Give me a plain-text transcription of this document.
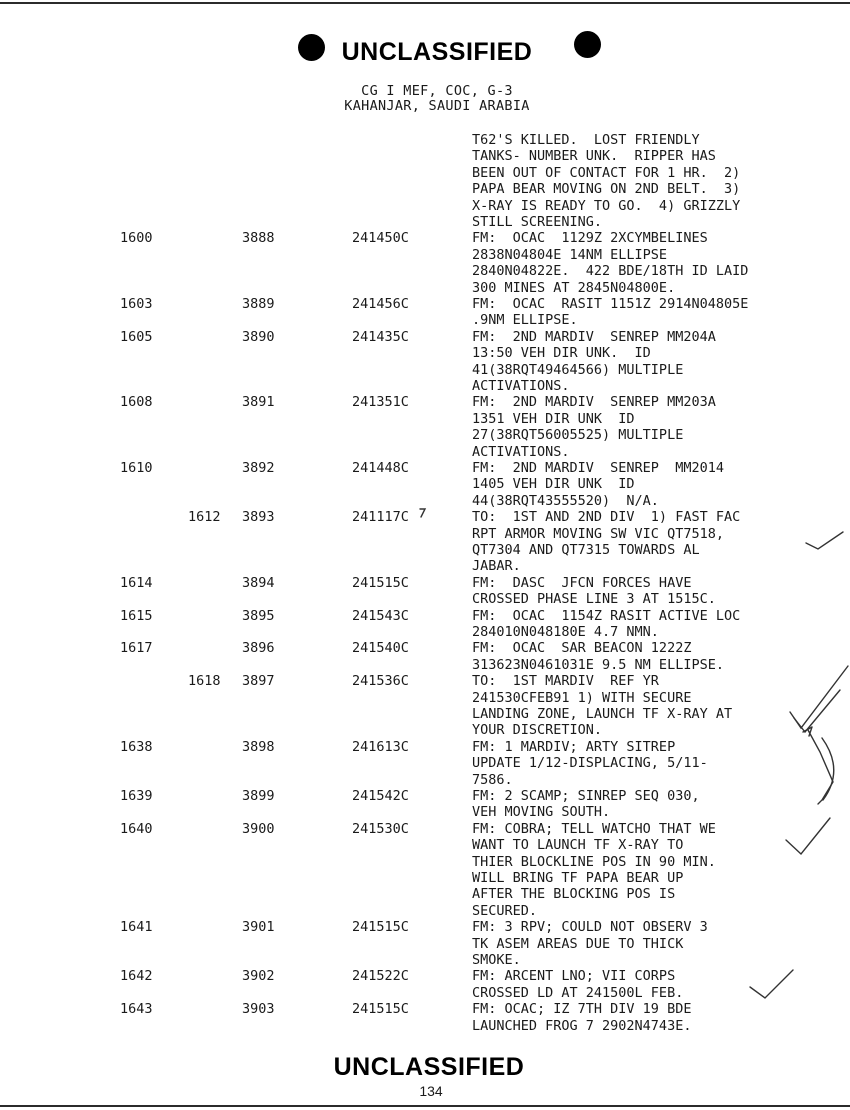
UNCLASSIFIED
CG I MEF, COC, G-3
KAHANJAR, SAUDI ARABIA
T62'S KILLED.  LOST FRIENDLY
TANKS- NUMBER UNK.  RIPPER HAS
BEEN OUT OF CONTACT FOR 1 HR.  2)
PAPA BEAR MOVING ON 2ND BELT.  3)
X-RAY IS READY TO GO.  4) GRIZZLY
STILL SCREENING.
1600	3888	241450C	FM:  OCAC  1129Z 2XCYMBELINES
2838N04804E 14NM ELLIPSE
2840N04822E.  422 BDE/18TH ID LAID
300 MINES AT 2845N04800E.
1603	3889	241456C	FM:  OCAC  RASIT 1151Z 2914N04805E
.9NM ELLIPSE.
1605	3890	241435C	FM:  2ND MARDIV  SENREP MM204A
13:50 VEH DIR UNK.  ID
41(38RQT49464566) MULTIPLE
ACTIVATIONS.
1608	3891	241351C	FM:  2ND MARDIV  SENREP MM203A
1351 VEH DIR UNK  ID
27(38RQT56005525) MULTIPLE
ACTIVATIONS.
1610	3892	241448C	FM:  2ND MARDIV  SENREP  MM2014
1405 VEH DIR UNK  ID
44(38RQT43555520)  N/A.
1612 3893	241117C	TO:  1ST AND 2ND DIV  1) FAST FAC
RPT ARMOR MOVING SW VIC QT7518,
QT7304 AND QT7315 TOWARDS AL
JABAR.
1614	3894	241515C	FM:  DASC  JFCN FORCES HAVE
CROSSED PHASE LINE 3 AT 1515C.
1615	3895	241543C	FM:  OCAC  1154Z RASIT ACTIVE LOC
284010N048180E 4.7 NMN.
1617	3896	241540C	FM:  OCAC  SAR BEACON 1222Z
313623N0461031E 9.5 NM ELLIPSE.
1618 3897	241536C	TO:  1ST MARDIV  REF YR
241530CFEB91 1) WITH SECURE
LANDING ZONE, LAUNCH TF X-RAY AT
YOUR DISCRETION.
1638	3898	241613C	FM: 1 MARDIV; ARTY SITREP
UPDATE 1/12-DISPLACING, 5/11-
7586.
1639	3899	241542C	FM: 2 SCAMP; SINREP SEQ 030,
VEH MOVING SOUTH.
1640	3900	241530C	FM: COBRA; TELL WATCHO THAT WE
WANT TO LAUNCH TF X-RAY TO
THIER BLOCKLINE POS IN 90 MIN.
WILL BRING TF PAPA BEAR UP
AFTER THE BLOCKING POS IS
SECURED.
1641	3901	241515C	FM: 3 RPV; COULD NOT OBSERV 3
TK ASEM AREAS DUE TO THICK
SMOKE.
1642	3902	241522C	FM: ARCENT LNO; VII CORPS
CROSSED LD AT 241500L FEB.
1643	3903	241515C	FM: OCAC; IZ 7TH DIV 19 BDE
LAUNCHED FROG 7 2902N4743E.
UNCLASSIFIED
134
